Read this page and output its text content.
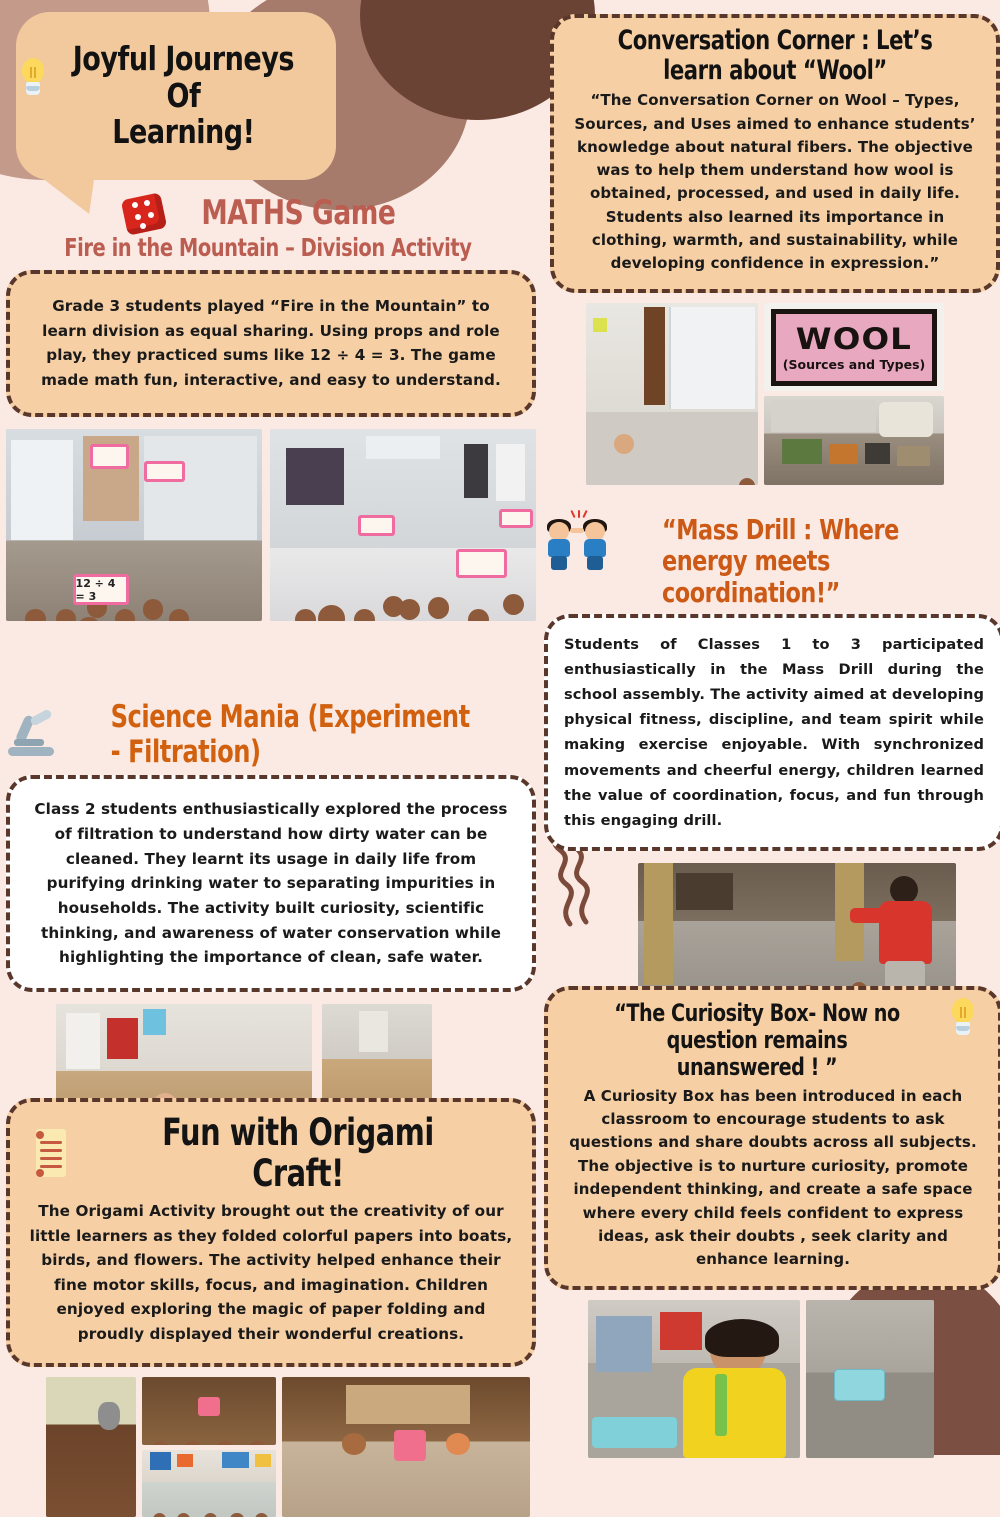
Joyful Journeys Of
Learning!
MATHS Game
Fire in the Mountain – Division Activity

Grade 3 students played “Fire in the Mountain” to learn division as equal sharing. Using props and role play, they practiced sums like 12 ÷ 4 = 3. The game made math fun, interactive, and easy to understand.

12 ÷ 4 = 3
Science Mania (Experiment - Filtration)

Class 2 students enthusiastically explored the process of filtration to understand how dirty water can be cleaned. They learnt its usage in daily life from purifying drinking water to separating impurities in households. The activity built curiosity, scientific thinking, and awareness of water conservation while highlighting the importance of clean, safe water.

Fun with Origami Craft!

The Origami Activity brought out the creativity of our little learners as they folded colorful papers into boats, birds, and flowers. The activity helped enhance their fine motor skills, focus, and imagination. Children enjoyed exploring the magic of paper folding and proudly displayed their wonderful creations.

Conversation Corner : Let’s learn about “Wool”

“The Conversation Corner on Wool – Types, Sources, and Uses aimed to enhance students’ knowledge about natural fibers. The objective was to help them understand how wool is obtained, processed, and used in daily life. Students also learned its importance in clothing, warmth, and sustainability, while developing confidence in expression.”

WOOL
(Sources and Types)
“Mass Drill : Where energy meets coordination!”

Students of Classes 1 to 3 participated enthusiastically in the Mass Drill during the school assembly. The activity aimed at developing physical fitness, discipline, and team spirit while making exercise enjoyable. With synchronized movements and cheerful energy, children learned the value of coordination, focus, and fun through this engaging drill.

“The Curiosity Box- Now no question remains unanswered ! ”

A Curiosity Box has been introduced in each classroom to encourage students to ask questions and share doubts across all subjects. The objective is to nurture curiosity, promote independent thinking, and create a safe space where every child feels confident to express ideas, ask their doubts , seek clarity and enhance learning.
